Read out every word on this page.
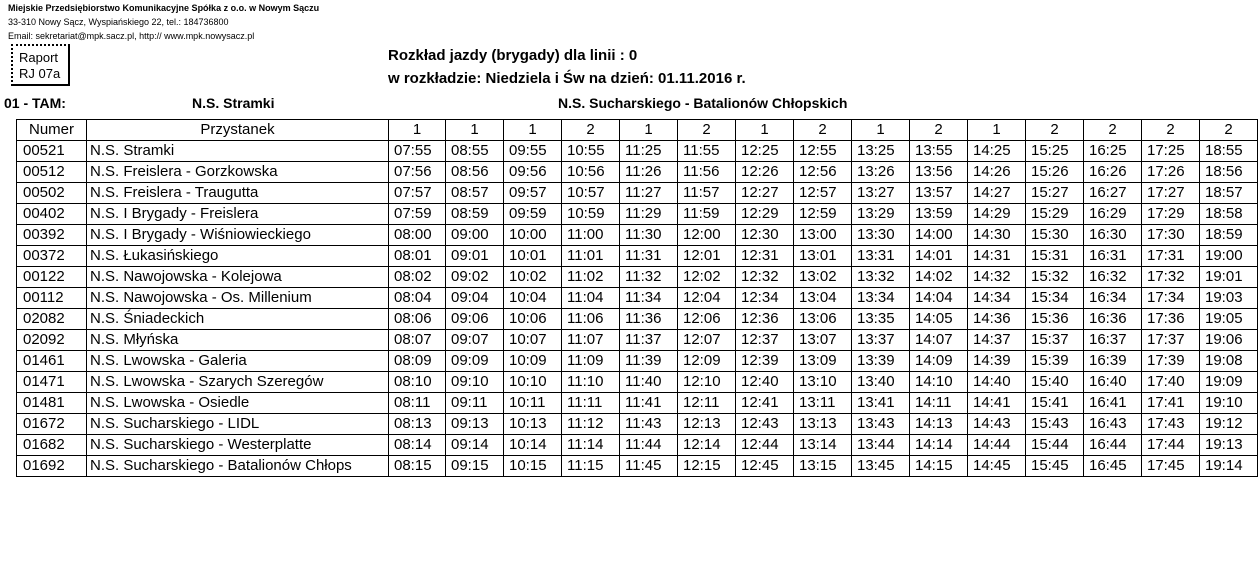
Miejskie Przedsiębiorstwo Komunikacyjne Spółka z o.o. w Nowym Sączu
33-310 Nowy Sącz, Wyspiańskiego 22, tel.: 184736800
Email: sekretariat@mpk.sacz.pl, http:// www.mpk.nowysacz.pl
Raport
RJ 07a
Rozkład jazdy (brygady) dla linii : 0
w rozkładzie: Niedziela i Św na dzień: 01.11.2016 r.
01 - TAM:	N.S. Stramki	N.S. Sucharskiego - Batalionów Chłopskich
Numer	Przystanek	1	1	1	2	1	2	1	2	1	2	1	2	2	2	2
00521	N.S. Stramki	07:55	08:55	09:55	10:55	11:25	11:55	12:25	12:55	13:25	13:55	14:25	15:25	16:25	17:25	18:55
00512	N.S. Freislera - Gorzkowska	07:56	08:56	09:56	10:56	11:26	11:56	12:26	12:56	13:26	13:56	14:26	15:26	16:26	17:26	18:56
00502	N.S. Freislera - Traugutta	07:57	08:57	09:57	10:57	11:27	11:57	12:27	12:57	13:27	13:57	14:27	15:27	16:27	17:27	18:57
00402	N.S. I Brygady - Freislera	07:59	08:59	09:59	10:59	11:29	11:59	12:29	12:59	13:29	13:59	14:29	15:29	16:29	17:29	18:58
00392	N.S. I Brygady - Wiśniowieckiego	08:00	09:00	10:00	11:00	11:30	12:00	12:30	13:00	13:30	14:00	14:30	15:30	16:30	17:30	18:59
00372	N.S. Łukasińskiego	08:01	09:01	10:01	11:01	11:31	12:01	12:31	13:01	13:31	14:01	14:31	15:31	16:31	17:31	19:00
00122	N.S. Nawojowska - Kolejowa	08:02	09:02	10:02	11:02	11:32	12:02	12:32	13:02	13:32	14:02	14:32	15:32	16:32	17:32	19:01
00112	N.S. Nawojowska - Os. Millenium	08:04	09:04	10:04	11:04	11:34	12:04	12:34	13:04	13:34	14:04	14:34	15:34	16:34	17:34	19:03
02082	N.S. Śniadeckich	08:06	09:06	10:06	11:06	11:36	12:06	12:36	13:06	13:35	14:05	14:36	15:36	16:36	17:36	19:05
02092	N.S. Młyńska	08:07	09:07	10:07	11:07	11:37	12:07	12:37	13:07	13:37	14:07	14:37	15:37	16:37	17:37	19:06
01461	N.S. Lwowska - Galeria	08:09	09:09	10:09	11:09	11:39	12:09	12:39	13:09	13:39	14:09	14:39	15:39	16:39	17:39	19:08
01471	N.S. Lwowska - Szarych Szeregów	08:10	09:10	10:10	11:10	11:40	12:10	12:40	13:10	13:40	14:10	14:40	15:40	16:40	17:40	19:09
01481	N.S. Lwowska - Osiedle	08:11	09:11	10:11	11:11	11:41	12:11	12:41	13:11	13:41	14:11	14:41	15:41	16:41	17:41	19:10
01672	N.S. Sucharskiego - LIDL	08:13	09:13	10:13	11:12	11:43	12:13	12:43	13:13	13:43	14:13	14:43	15:43	16:43	17:43	19:12
01682	N.S. Sucharskiego - Westerplatte	08:14	09:14	10:14	11:14	11:44	12:14	12:44	13:14	13:44	14:14	14:44	15:44	16:44	17:44	19:13
01692	N.S. Sucharskiego - Batalionów Chłops	08:15	09:15	10:15	11:15	11:45	12:15	12:45	13:15	13:45	14:15	14:45	15:45	16:45	17:45	19:14
